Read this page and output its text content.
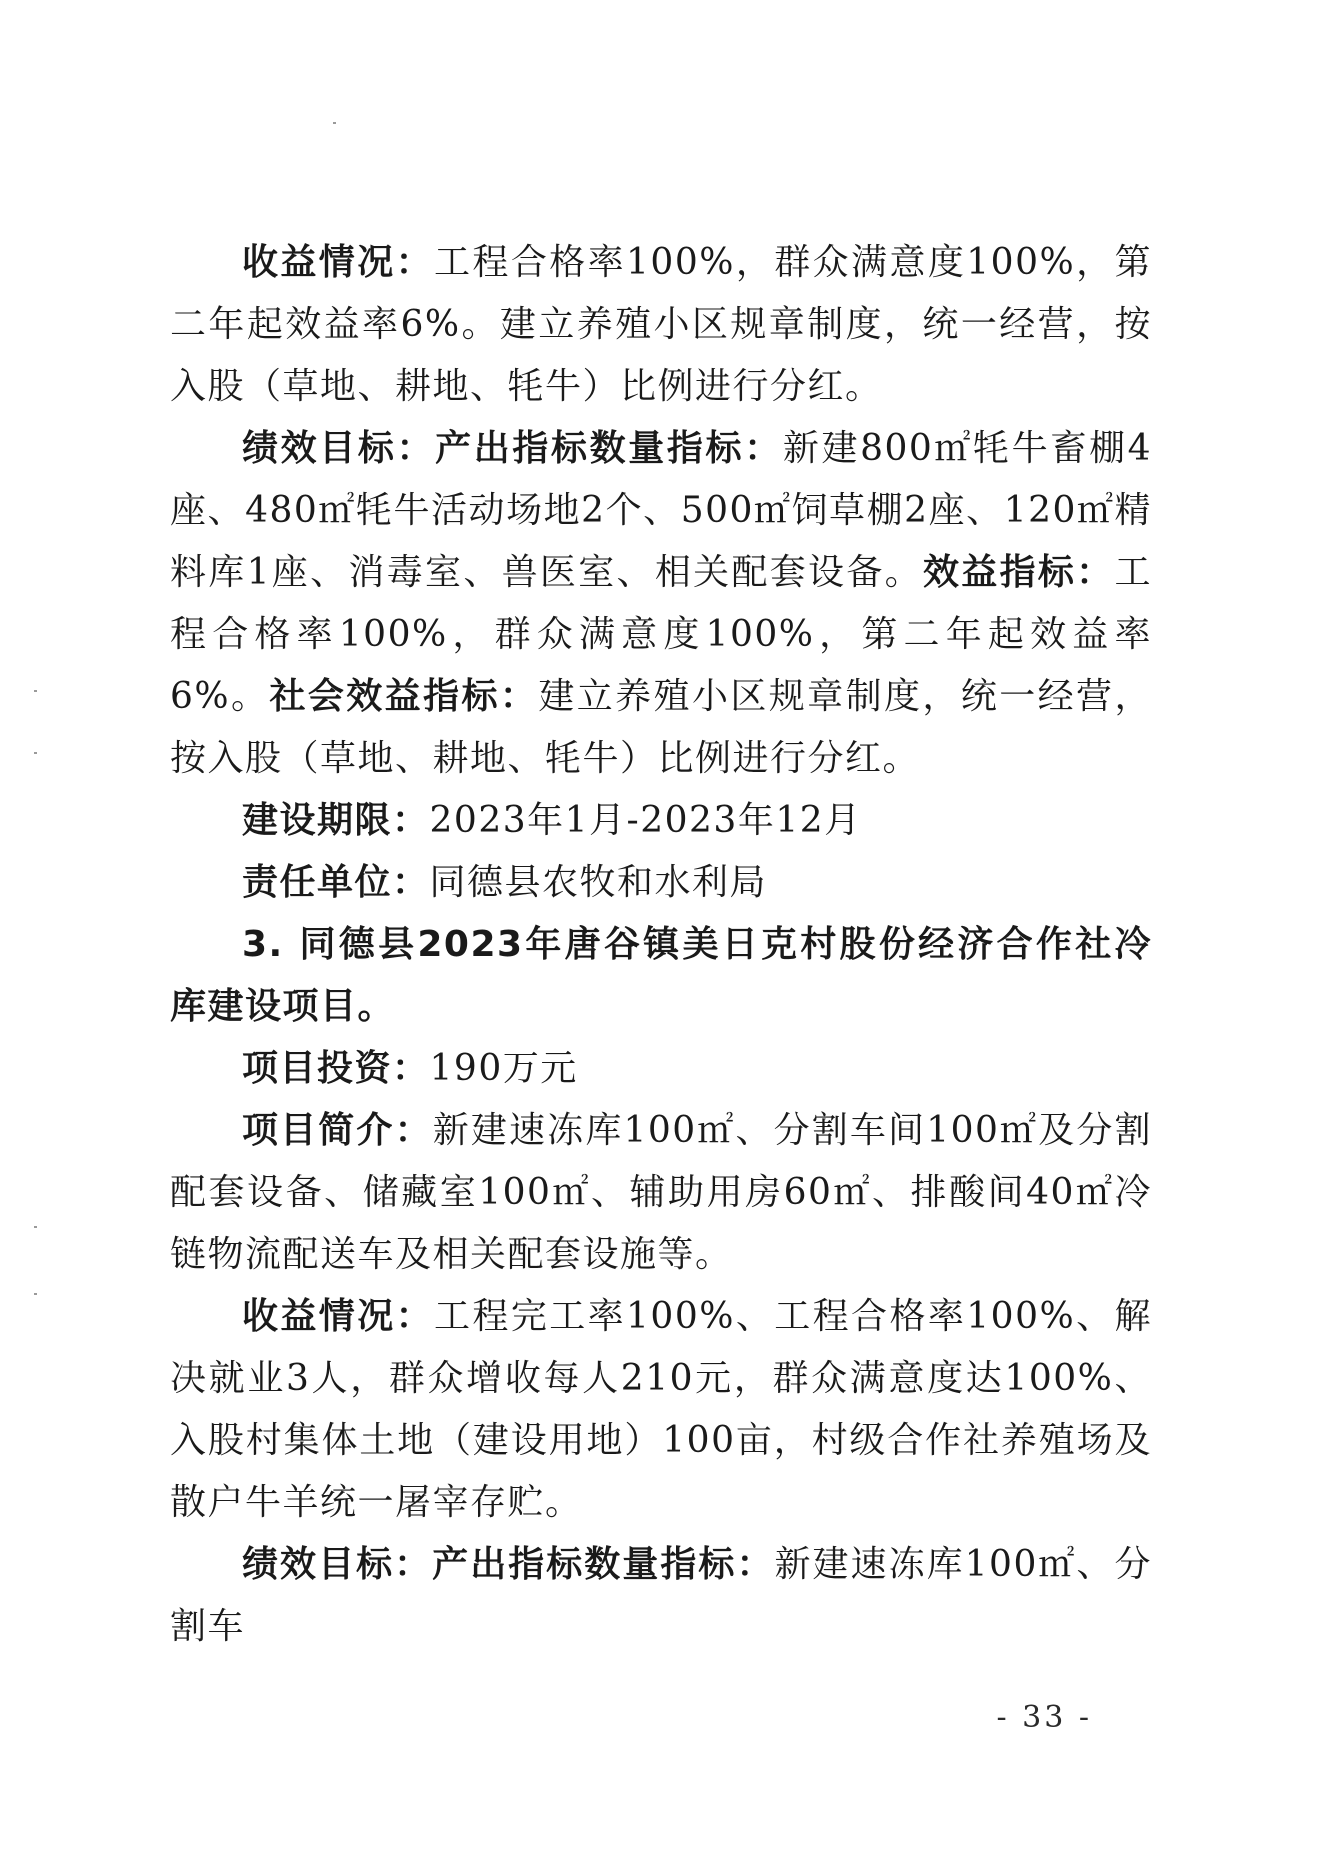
收益情况：工程合格率100%，群众满意度100%，第二年起效益率6%。建立养殖小区规章制度，统一经营，按入股（草地、耕地、牦牛）比例进行分红。

绩效目标：产出指标数量指标：新建800㎡牦牛畜棚4座、480㎡牦牛活动场地2个、500㎡饲草棚2座、120㎡精料库1座、消毒室、兽医室、相关配套设备。效益指标：工程合格率100%，群众满意度100%，第二年起效益率6%。社会效益指标：建立养殖小区规章制度，统一经营，按入股（草地、耕地、牦牛）比例进行分红。

建设期限：2023年1月-2023年12月

责任单位：同德县农牧和水利局

3. 同德县2023年唐谷镇美日克村股份经济合作社冷库建设项目。

项目投资：190万元

项目简介：新建速冻库100㎡、分割车间100㎡及分割配套设备、储藏室100㎡、辅助用房60㎡、排酸间40㎡冷链物流配送车及相关配套设施等。

收益情况：工程完工率100%、工程合格率100%、解决就业3人，群众增收每人210元，群众满意度达100%、 入股村集体土地（建设用地）100亩，村级合作社养殖场及散户牛羊统一屠宰存贮。

绩效目标：产出指标数量指标：新建速冻库100㎡、分割车

- 33 -
